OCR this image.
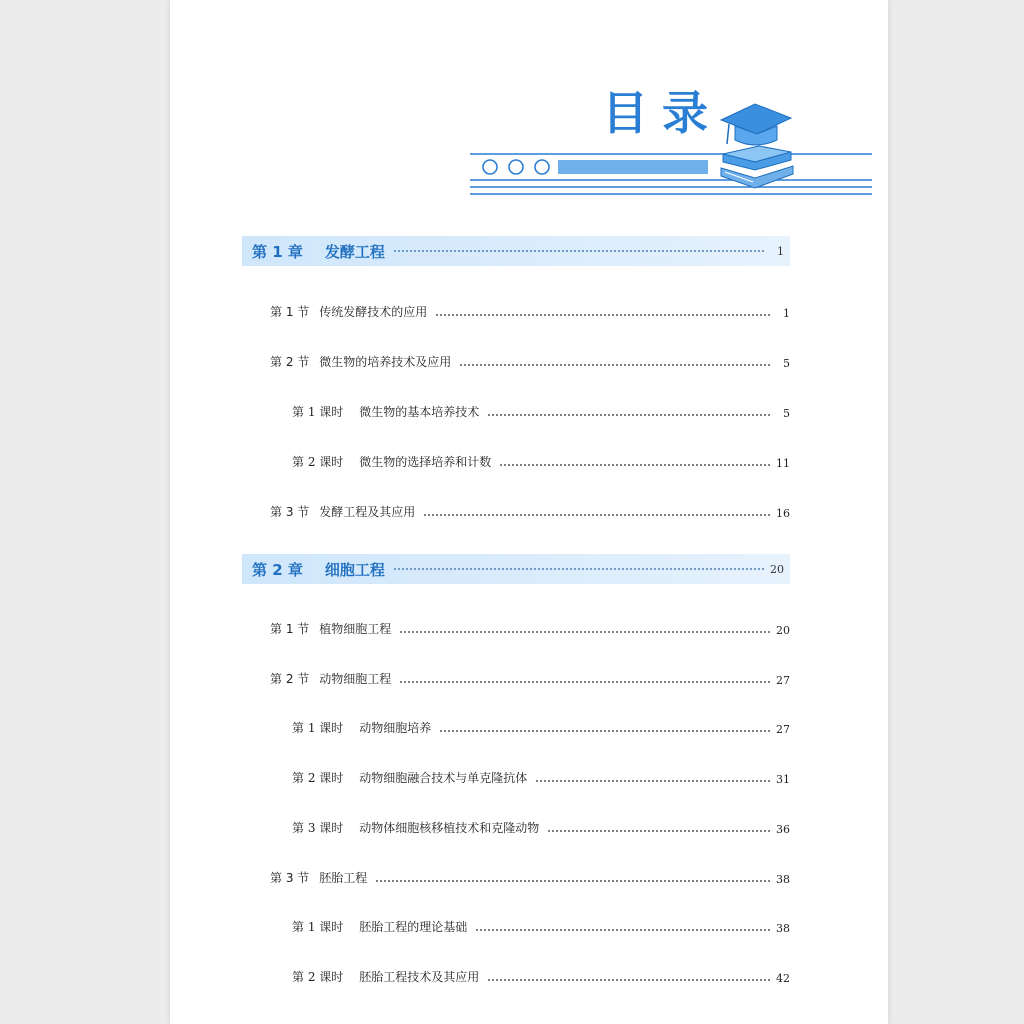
目录
第 1 章 发酵工程	1
第 1 节 传统发酵技术的应用	1
第 2 节 微生物的培养技术及应用	5
第 1 课时 微生物的基本培养技术	5
第 2 课时 微生物的选择培养和计数	11
第 3 节 发酵工程及其应用	16
第 2 章 细胞工程	20
第 1 节 植物细胞工程	20
第 2 节 动物细胞工程	27
第 1 课时 动物细胞培养	27
第 2 课时 动物细胞融合技术与单克隆抗体	31
第 3 课时 动物体细胞核移植技术和克隆动物	36
第 3 节 胚胎工程	38
第 1 课时 胚胎工程的理论基础	38
第 2 课时 胚胎工程技术及其应用	42
